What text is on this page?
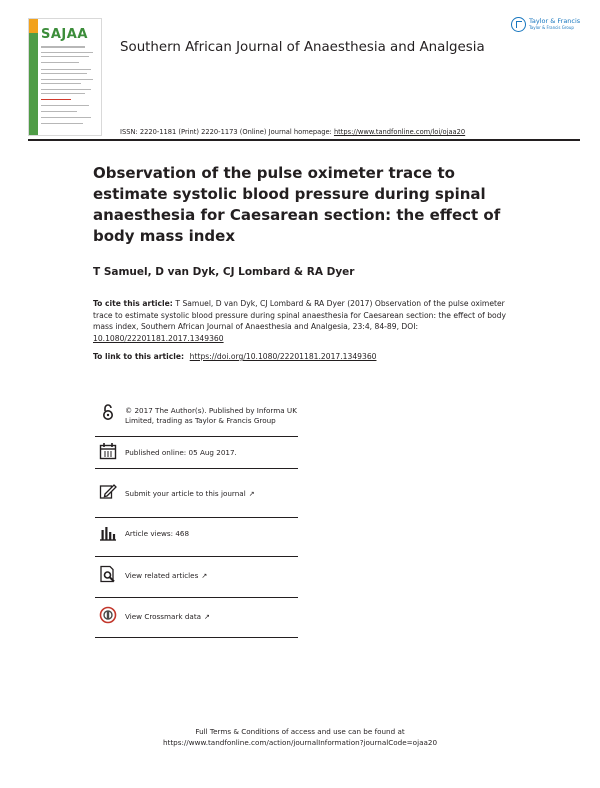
SAJAA
Southern African Journal of Anaesthesia and Analgesia
Taylor & Francis
Taylor & Francis Group
ISSN: 2220-1181 (Print) 2220-1173 (Online) Journal homepage: https://www.tandfonline.com/loi/ojaa20
Observation of the pulse oximeter trace to estimate systolic blood pressure during spinal anaesthesia for Caesarean section: the effect of body mass index
T Samuel, D van Dyk, CJ Lombard & RA Dyer
To cite this article: T Samuel, D van Dyk, CJ Lombard & RA Dyer (2017) Observation of the pulse oximeter trace to estimate systolic blood pressure during spinal anaesthesia for Caesarean section: the effect of body mass index, Southern African Journal of Anaesthesia and Analgesia, 23:4, 84-89, DOI: 10.1080/22201181.2017.1349360
To link to this article: https://doi.org/10.1080/22201181.2017.1349360
© 2017 The Author(s). Published by Informa UK Limited, trading as Taylor & Francis Group
Published online: 05 Aug 2017.
Submit your article to this journal ↗
Article views: 468
View related articles ↗
View Crossmark data ↗
Full Terms & Conditions of access and use can be found at
https://www.tandfonline.com/action/journalInformation?journalCode=ojaa20
